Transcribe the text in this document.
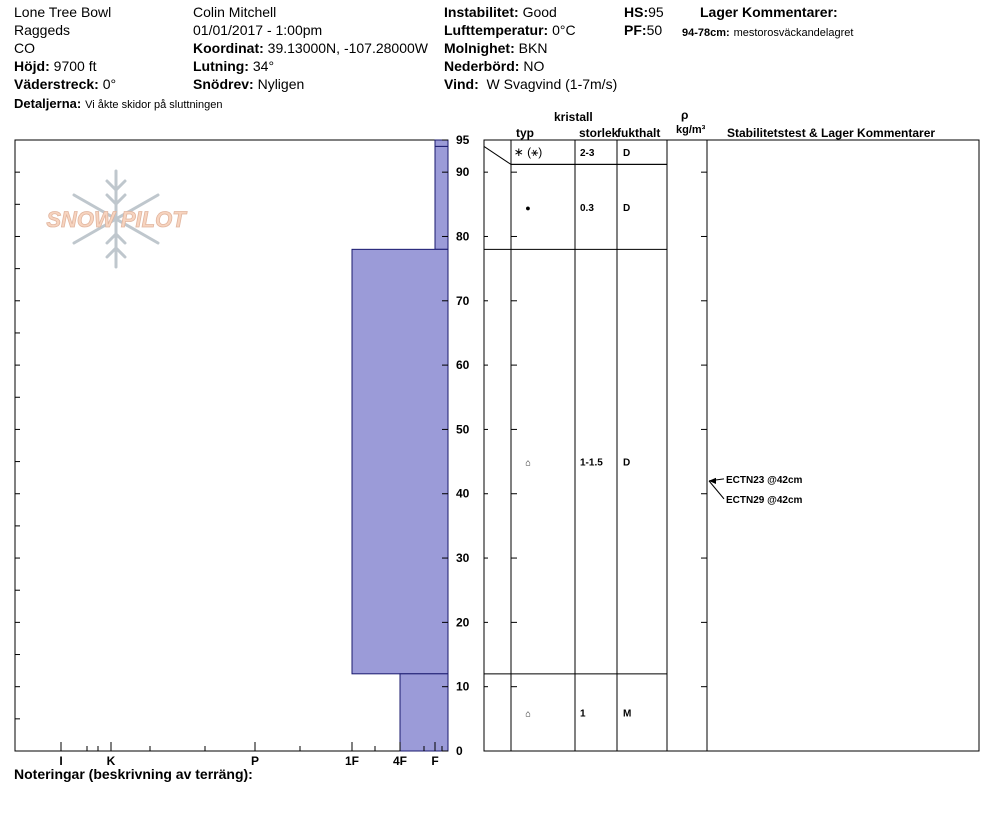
Lone Tree Bowl
Raggeds
CO
Höjd: 9700 ft
Väderstreck: 0°
Detaljerna: Vi åkte skidor på sluttningen
Colin Mitchell
01/01/2017 - 1:00pm
Koordinat: 39.13000N, -107.28000W
Lutning: 34°
Snödrev: Nyligen
Instabilitet: Good
Lufttemperatur: 0°C
Molnighet: BKN
Nederbörd: NO
Vind: W Svagvind (1-7m/s)
HS:95
PF:50
Lager Kommentarer:
94-78cm: mestorosväckandelagret
SNOW PILOT
I	K	P	1F	4F F
0
10
20
30
40
50
60
70
80
90
95
kristall
typ	storlek
fukthalt
ρ
kg/m³ Stabilitetstest & Lager Kommentarer
∗ (⚹)	2-3	D
●	0.3	D
⌂	1-1.5 D
⌂	1	M
ECTN23 @42cm
ECTN29 @42cm
Noteringar (beskrivning av terräng):
